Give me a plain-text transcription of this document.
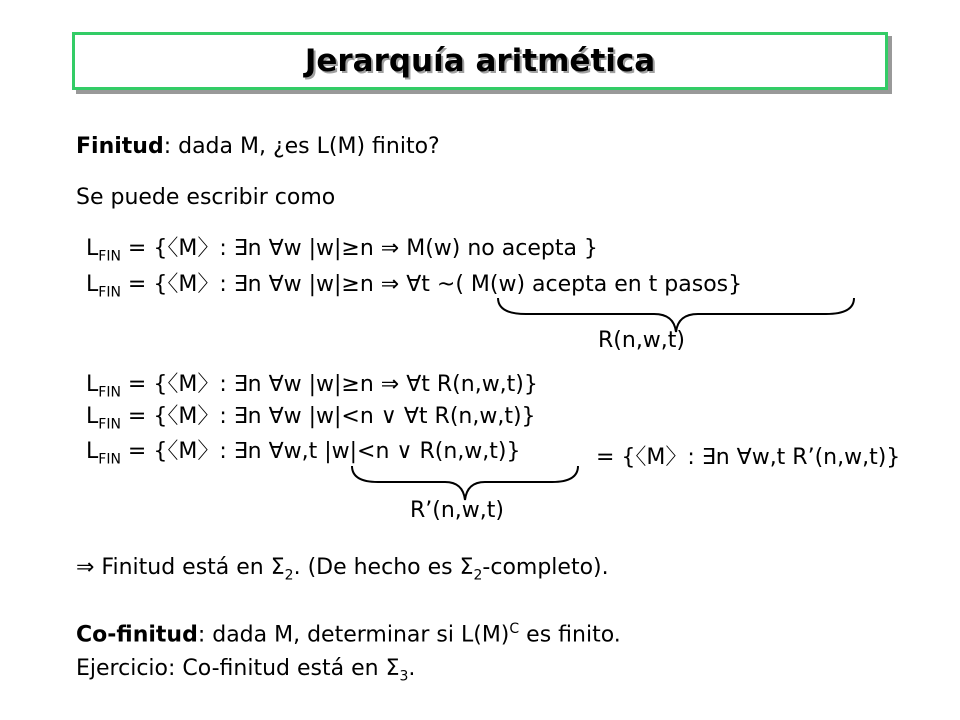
Jerarquía aritmética
Finitud: dada M, ¿es L(M) finito?
Se puede escribir como
$L_{FIN}$ = {〈M〉: ∃n ∀w |w|≥n ⇒ M(w) no acepta }
$L_{FIN}$ = {〈M〉: ∃n ∀w |w|≥n ⇒ ∀t ~( M(w) acepta en t pasos}
R(n,w,t)
$L_{FIN}$ = {〈M〉: ∃n ∀w |w|≥n ⇒ ∀t R(n,w,t)}
$L_{FIN}$ = {〈M〉: ∃n ∀w |w|<n ∨ ∀t R(n,w,t)}
$L_{FIN}$ = {〈M〉: ∃n ∀w,t |w|<n ∨ R(n,w,t)}	= {〈M〉: ∃n ∀w,t R’(n,w,t)}
R’(n,w,t)
⇒ Finitud está en $\Sigma_2$. (De hecho es $\Sigma_2-completo$).
Co-finitud: dada M, determinar si $L(M)^C$ es finito.
Ejercicio: Co-finitud está en $\Sigma_3$.
